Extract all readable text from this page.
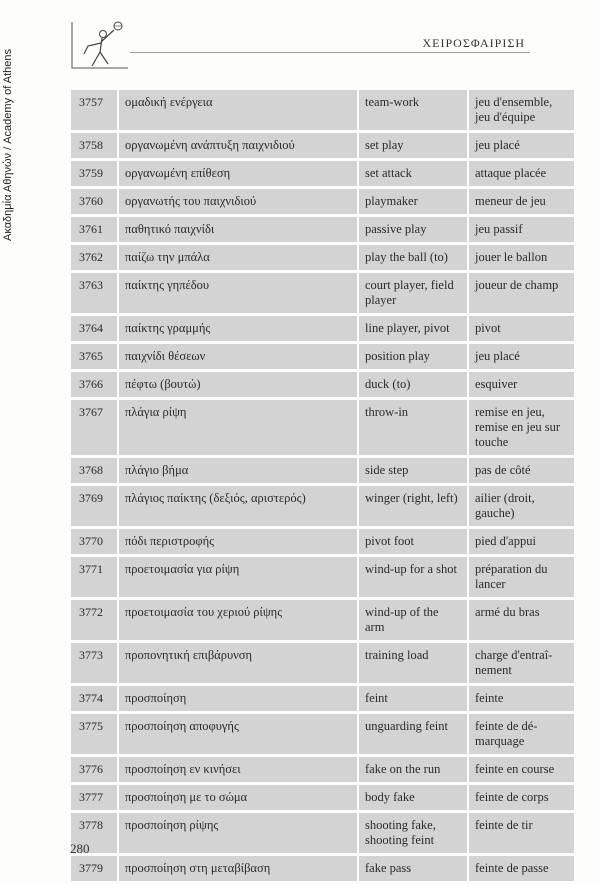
Ακαδημία Αθηνών / Academy of Athens
ΧΕΙΡΟΣΦΑΙΡΙΣΗ
3757	ομαδική ενέργεια	team-work	jeu d'ensemble, jeu d'équipe
3758	οργανωμένη ανάπτυξη παιχνιδιού	set play	jeu placé
3759	οργανωμένη επίθεση	set attack	attaque placée
3760	οργανωτής του παιχνιδιού	playmaker	meneur de jeu
3761	παθητικό παιχνίδι	passive play	jeu passif
3762	παίζω την μπάλα	play the ball (to)	jouer le ballon
3763	παίκτης γηπέδου	court player, field player	joueur de champ
3764	παίκτης γραμμής	line player, pivot	pivot
3765	παιχνίδι θέσεων	position play	jeu placé
3766	πέφτω (βουτώ)	duck (to)	esquiver
3767	πλάγια ρίψη	throw-in	remise en jeu, remise en jeu sur touche
3768	πλάγιο βήμα	side step	pas de côté
3769	πλάγιος παίκτης (δεξιός, αριστερός)	winger (right, left)	ailier (droit, gauche)
3770	πόδι περιστροφής	pivot foot	pied d'appui
3771	προετοιμασία για ρίψη	wind-up for a shot	préparation du lancer
3772	προετοιμασία του χεριού ρίψης	wind-up of the arm	armé du bras
3773	προπονητική επιβάρυνση	training load	charge d'entraî-nement
3774	προσποίηση	feint	feinte
3775	προσποίηση αποφυγής	unguarding feint	feinte de dé-marquage
3776	προσποίηση εν κινήσει	fake on the run	feinte en course
3777	προσποίηση με το σώμα	body fake	feinte de corps
3778	προσποίηση ρίψης	shooting fake, shooting feint	feinte de tir
3779	προσποίηση στη μεταβίβαση	fake pass	feinte de passe
280
